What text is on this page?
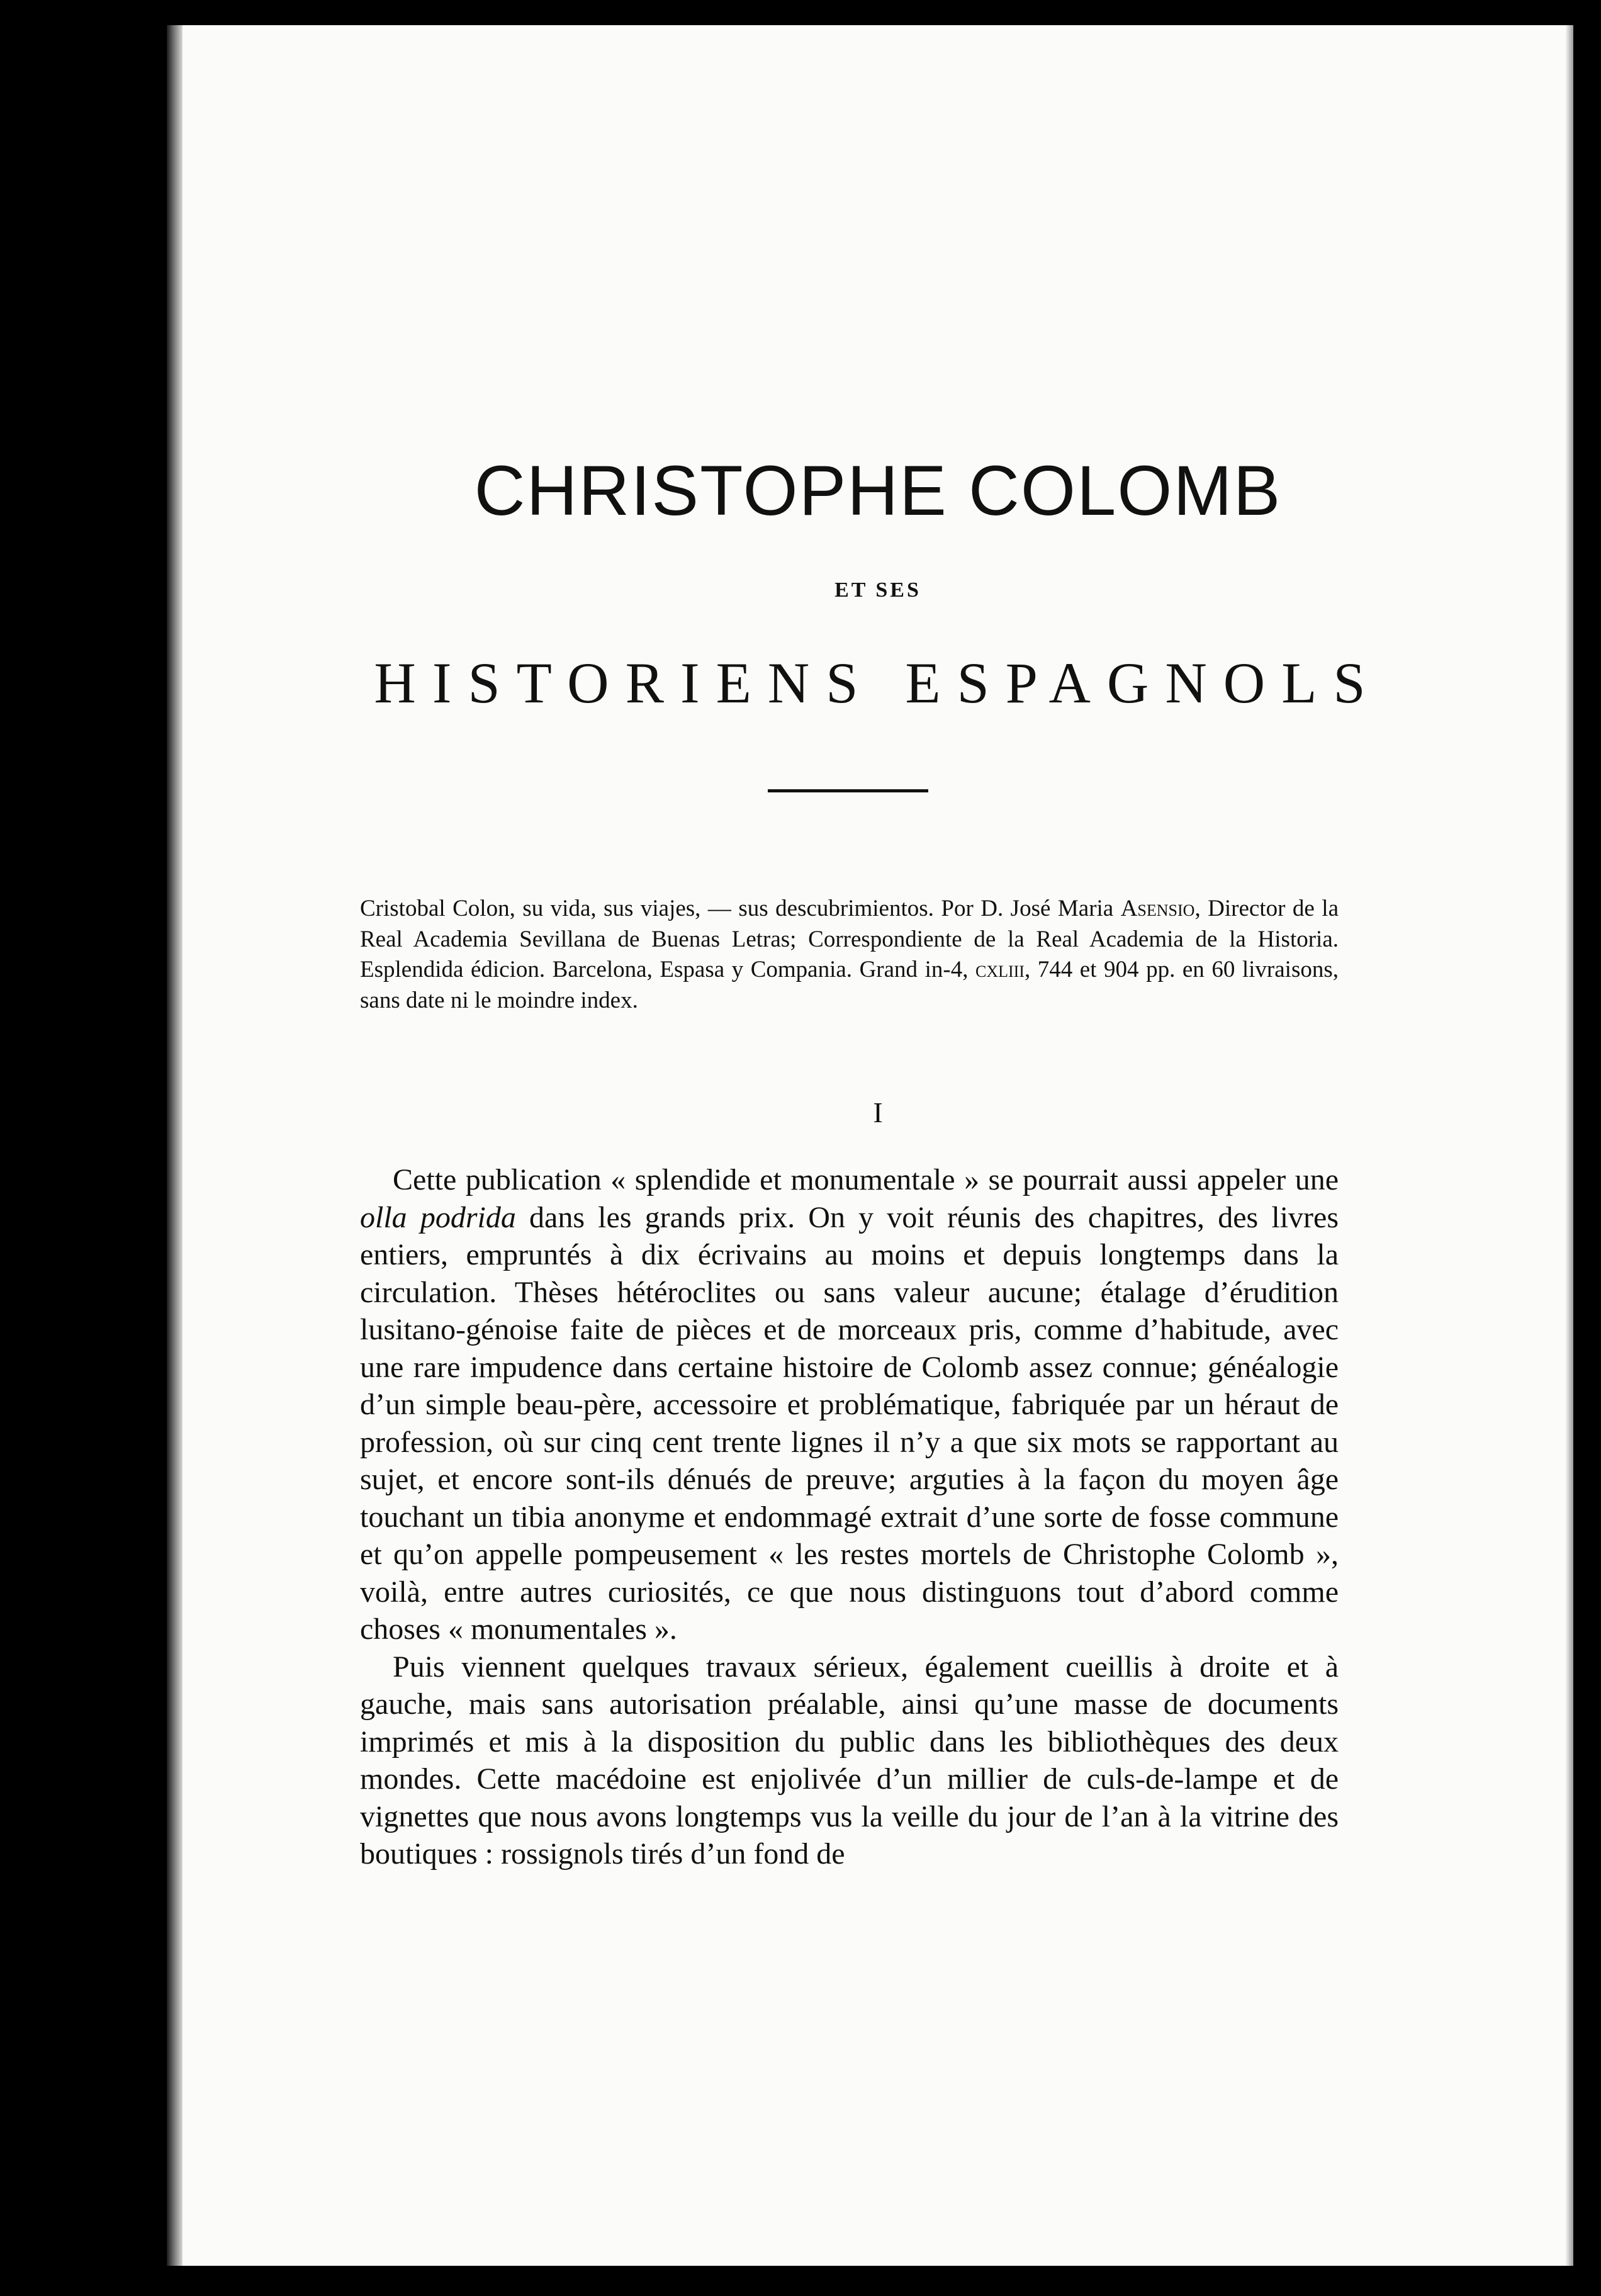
CHRISTOPHE COLOMB
ET SES
HISTORIENS ESPAGNOLS

Cristobal Colon, su vida, sus viajes, — sus descubrimientos. Por D. José Maria Asensio, Director de la Real Academia Sevillana de Buenas Letras; Correspondiente de la Real Academia de la Historia. Esplendida édicion. Barcelona, Espasa y Compania. Grand in-4, cxliii, 744 et 904 pp. en 60 livraisons, sans date ni le moindre index.

I

Cette publication « splendide et monumentale » se pourrait aussi appeler une olla podrida dans les grands prix. On y voit réunis des chapitres, des livres entiers, empruntés à dix écrivains au moins et depuis longtemps dans la circulation. Thèses hétéroclites ou sans valeur aucune; étalage d’érudition lusitano-génoise faite de pièces et de morceaux pris, comme d’habitude, avec une rare impudence dans certaine histoire de Colomb assez connue; généalogie d’un simple beau-père, accessoire et problématique, fabriquée par un héraut de profession, où sur cinq cent trente lignes il n’y a que six mots se rapportant au sujet, et encore sont-ils dénués de preuve; arguties à la façon du moyen âge touchant un tibia anonyme et endommagé extrait d’une sorte de fosse commune et qu’on appelle pompeusement « les restes mortels de Christophe Colomb », voilà, entre autres curiosités, ce que nous distinguons tout d’abord comme choses « monumentales ».

Puis viennent quelques travaux sérieux, également cueillis à droite et à gauche, mais sans autorisation préalable, ainsi qu’une masse de documents imprimés et mis à la disposition du public dans les bibliothèques des deux mondes. Cette macédoine est enjolivée d’un millier de culs-de-lampe et de vignettes que nous avons longtemps vus la veille du jour de l’an à la vitrine des boutiques : rossignols tirés d’un fond de
